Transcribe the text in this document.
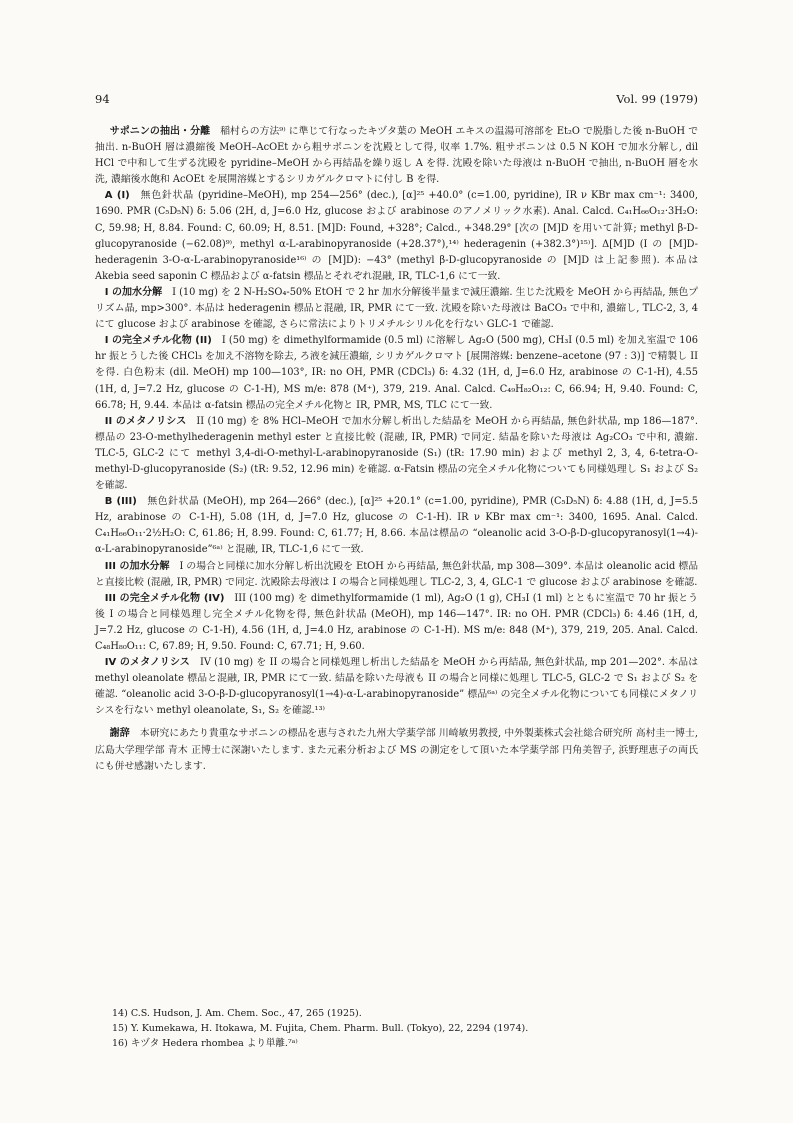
94	Vol. 99 (1979)

サポニンの抽出・分離 稲村らの方法⁹⁾ に準じて行なったキヅタ葉の MeOH エキスの温湯可溶部を Et₂O で脱脂した後 n-BuOH で抽出. n-BuOH 層は濃縮後 MeOH–AcOEt から粗サポニンを沈殿として得, 収率 1.7%. 粗サポニンは 0.5 N KOH で加水分解し, dil HCl で中和して生ずる沈殿を pyridine–MeOH から再結晶を繰り返し A を得. 沈殿を除いた母液は n-BuOH で抽出, n-BuOH 層を水洗, 濃縮後水飽和 AcOEt を展開溶媒とするシリカゲルクロマトに付し B を得.

A (I) 無色針状晶 (pyridine–MeOH), mp 254—256° (dec.), [α]²⁵ +40.0° (c=1.00, pyridine), IR ν KBr max cm⁻¹: 3400, 1690. PMR (C₅D₅N) δ: 5.06 (2H, d, J=6.0 Hz, glucose および arabinose のアノメリック水素). Anal. Calcd. C₄₁H₆₆O₁₂·3H₂O: C, 59.98; H, 8.84. Found: C, 60.09; H, 8.51. [M]D: Found, +328°; Calcd., +348.29° [次の [M]D を用いて計算; methyl β-D-glucopyranoside (−62.08)⁹⁾, methyl α-L-arabinopyranoside (+28.37°),¹⁴⁾ hederagenin (+382.3°)¹⁵⁾]. Δ[M]D (I の [M]D-hederagenin 3-O-α-L-arabinopyranoside¹⁶⁾ の [M]D): −43° (methyl β-D-glucopyranoside の [M]D は上記参照). 本品は Akebia seed saponin C 標品および α-fatsin 標品とそれぞれ混融, IR, TLC-1,6 にて一致.

I の加水分解 I (10 mg) を 2 N-H₂SO₄-50% EtOH で 2 hr 加水分解後半量まで減圧濃縮. 生じた沈殿を MeOH から再結晶, 無色プリズム晶, mp>300°. 本品は hederagenin 標品と混融, IR, PMR にて一致. 沈殿を除いた母液は BaCO₃ で中和, 濃縮し, TLC-2, 3, 4 にて glucose および arabinose を確認, さらに常法によりトリメチルシリル化を行ない GLC-1 で確認.

I の完全メチル化物 (II) I (50 mg) を dimethylformamide (0.5 ml) に溶解し Ag₂O (500 mg), CH₃I (0.5 ml) を加え室温で 106 hr 振とうした後 CHCl₃ を加え不溶物を除去, ろ液を減圧濃縮, シリカゲルクロマト [展開溶媒: benzene–acetone (97 : 3)] で精製し II を得. 白色粉末 (dil. MeOH) mp 100—103°, IR: no OH, PMR (CDCl₃) δ: 4.32 (1H, d, J=6.0 Hz, arabinose の C-1-H), 4.55 (1H, d, J=7.2 Hz, glucose の C-1-H), MS m/e: 878 (M⁺), 379, 219. Anal. Calcd. C₄₉H₈₂O₁₂: C, 66.94; H, 9.40. Found: C, 66.78; H, 9.44. 本品は α-fatsin 標品の完全メチル化物と IR, PMR, MS, TLC にて一致.

II のメタノリシス II (10 mg) を 8% HCl–MeOH で加水分解し析出した結晶を MeOH から再結晶, 無色針状晶, mp 186—187°. 標品の 23-O-methylhederagenin methyl ester と直接比較 (混融, IR, PMR) で同定. 結晶を除いた母液は Ag₂CO₃ で中和, 濃縮. TLC-5, GLC-2 にて methyl 3,4-di-O-methyl-L-arabinopyranoside (S₁) (tR: 17.90 min) および methyl 2, 3, 4, 6-tetra-O-methyl-D-glucopyranoside (S₂) (tR: 9.52, 12.96 min) を確認. α-Fatsin 標品の完全メチル化物についても同様処理し S₁ および S₂ を確認.

B (III) 無色針状晶 (MeOH), mp 264—266° (dec.), [α]²⁵ +20.1° (c=1.00, pyridine), PMR (C₅D₅N) δ: 4.88 (1H, d, J=5.5 Hz, arabinose の C-1-H), 5.08 (1H, d, J=7.0 Hz, glucose の C-1-H). IR ν KBr max cm⁻¹: 3400, 1695. Anal. Calcd. C₄₁H₆₆O₁₁·2½H₂O: C, 61.86; H, 8.99. Found: C, 61.77; H, 8.66. 本品は標品の “oleanolic acid 3-O-β-D-glucopyranosyl(1→4)-α-L-arabinopyranoside”⁶ᵃ⁾ と混融, IR, TLC-1,6 にて一致.

III の加水分解 I の場合と同様に加水分解し析出沈殿を EtOH から再結晶, 無色針状晶, mp 308—309°. 本品は oleanolic acid 標品と直接比較 (混融, IR, PMR) で同定. 沈殿除去母液は I の場合と同様処理し TLC-2, 3, 4, GLC-1 で glucose および arabinose を確認.

III の完全メチル化物 (IV) III (100 mg) を dimethylformamide (1 ml), Ag₂O (1 g), CH₃I (1 ml) とともに室温で 70 hr 振とう後 I の場合と同様処理し完全メチル化物を得, 無色針状晶 (MeOH), mp 146—147°. IR: no OH. PMR (CDCl₃) δ: 4.46 (1H, d, J=7.2 Hz, glucose の C-1-H), 4.56 (1H, d, J=4.0 Hz, arabinose の C-1-H). MS m/e: 848 (M⁺), 379, 219, 205. Anal. Calcd. C₄₈H₈₀O₁₁: C, 67.89; H, 9.50. Found: C, 67.71; H, 9.60.

IV のメタノリシス IV (10 mg) を II の場合と同様処理し析出した結晶を MeOH から再結晶, 無色針状晶, mp 201—202°. 本品は methyl oleanolate 標品と混融, IR, PMR にて一致. 結晶を除いた母液も II の場合と同様に処理し TLC-5, GLC-2 で S₁ および S₂ を確認. “oleanolic acid 3-O-β-D-glucopyranosyl(1→4)-α-L-arabinopyranoside” 標品⁶ᵃ⁾ の完全メチル化物についても同様にメタノリシスを行ない methyl oleanolate, S₁, S₂ を確認.¹³⁾

謝辞 本研究にあたり貴重なサポニンの標品を恵与された九州大学薬学部 川崎敏男教授, 中外製薬株式会社総合研究所 高村圭一博士, 広島大学理学部 青木 正博士に深謝いたします. また元素分析および MS の測定をして頂いた本学薬学部 円角美智子, 浜野理恵子の両氏にも併せ感謝いたします.

14) C.S. Hudson, J. Am. Chem. Soc., 47, 265 (1925).
15) Y. Kumekawa, H. Itokawa, M. Fujita, Chem. Pharm. Bull. (Tokyo), 22, 2294 (1974).
16) キヅタ Hedera rhombea より単離.⁷ᵃ⁾
